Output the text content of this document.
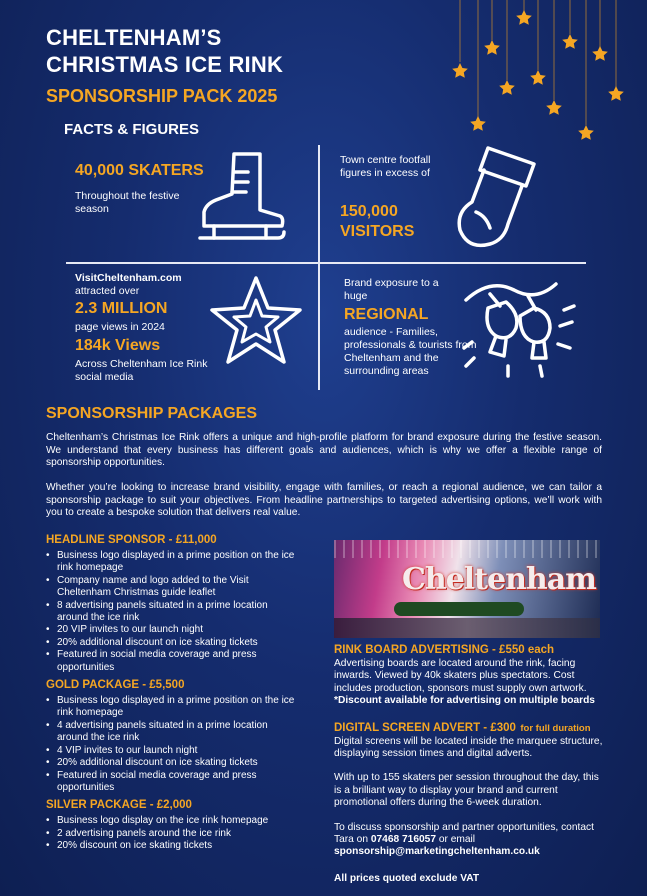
CHELTENHAM’S
CHRISTMAS ICE RINK
SPONSORSHIP PACK 2025
FACTS & FIGURES
40,000 SKATERS
Throughout the festive season
Town centre footfall figures in excess of
150,000
VISITORS
VisitCheltenham.com
attracted over
2.3 MILLION
page views in 2024
184k Views
Across Cheltenham Ice Rink social media
Brand exposure to a huge
REGIONAL
audience - Families, professionals & tourists from Cheltenham and the surrounding areas
SPONSORSHIP PACKAGES
Cheltenham’s Christmas Ice Rink offers a unique and high-profile platform for brand exposure during the festive season. We understand that every business has different goals and audiences, which is why we offer a flexible range of sponsorship opportunities.
Whether you’re looking to increase brand visibility, engage with families, or reach a regional audience, we can tailor a sponsorship package to suit your objectives. From headline partnerships to targeted advertising options, we’ll work with you to create a bespoke solution that delivers real value.
HEADLINE SPONSOR - £11,000
• Business logo displayed in a prime position on the ice rink homepage
• Company name and logo added to the Visit Cheltenham Christmas guide leaflet
• 8 advertising panels situated in a prime location around the ice rink
• 20 VIP invites to our launch night
• 20% additional discount on ice skating tickets
• Featured in social media coverage and press opportunities
GOLD PACKAGE - £5,500
• Business logo displayed in a prime position on the ice rink homepage
• 4 advertising panels situated in a prime location around the ice rink
• 4 VIP invites to our launch night
• 20% additional discount on ice skating tickets
• Featured in social media coverage and press opportunities
SILVER PACKAGE - £2,000
• Business logo display on the ice rink homepage
• 2 advertising panels around the ice rink
• 20% discount on ice skating tickets
Cheltenham
RINK BOARD ADVERTISING - £550 each
Advertising boards are located around the rink, facing inwards. Viewed by 40k skaters plus spectators. Cost includes production, sponsors must supply own artwork.
*Discount available for advertising on multiple boards
DIGITAL SCREEN ADVERT - £300 for full duration
Digital screens will be located inside the marquee structure, displaying session times and digital adverts.
With up to 155 skaters per session throughout the day, this is a brilliant way to display your brand and current promotional offers during the 6-week duration.
To discuss sponsorship and partner opportunities, contact Tara on 07468 716057 or email
sponsorship@marketingcheltenham.co.uk
All prices quoted exclude VAT
